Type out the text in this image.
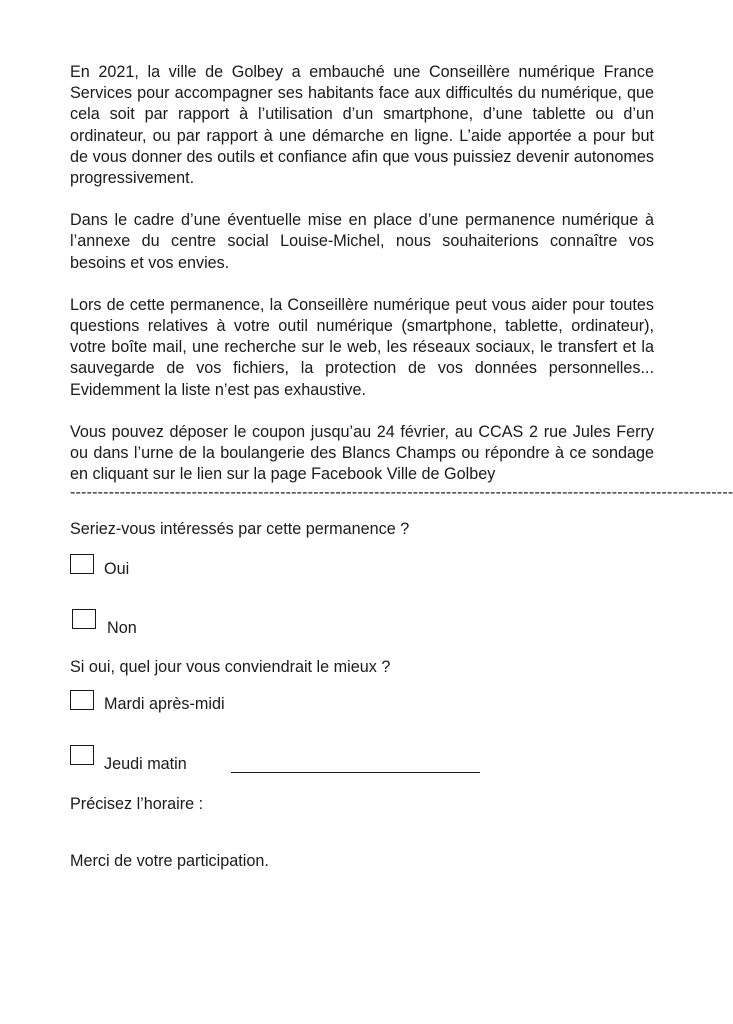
En 2021, la ville de Golbey a embauché une Conseillère numérique France Services pour accompagner ses habitants face aux difficultés du numérique, que cela soit par rapport à l’utilisation d’un smartphone, d’une tablette ou d’un ordinateur, ou par rapport à une démarche en ligne. L’aide apportée a pour but de vous donner des outils et confiance afin que vous puissiez devenir autonomes progressivement.

Dans le cadre d’une éventuelle mise en place d’une permanence numérique à l’annexe du centre social Louise-Michel, nous souhaiterions connaître vos besoins et vos envies.

Lors de cette permanence, la Conseillère numérique peut vous aider pour toutes questions relatives à votre outil numérique (smartphone, tablette, ordinateur), votre boîte mail, une recherche sur le web, les réseaux sociaux, le transfert et la sauvegarde de vos fichiers, la protection de vos données personnelles... Evidemment la liste n’est pas exhaustive.

Vous pouvez déposer le coupon jusqu’au 24 février, au CCAS 2 rue Jules Ferry ou dans l’urne de la boulangerie des Blancs Champs ou répondre à ce sondage en cliquant sur le lien sur la page Facebook Ville de Golbey

------------------------------------------------------------------------------------------------------------------------
Seriez-vous intéressés par cette permanence ?
Oui
Non
Si oui, quel jour vous conviendrait le mieux ?
Mardi après-midi
Jeudi matin
Précisez l’horaire :
Merci de votre participation.
